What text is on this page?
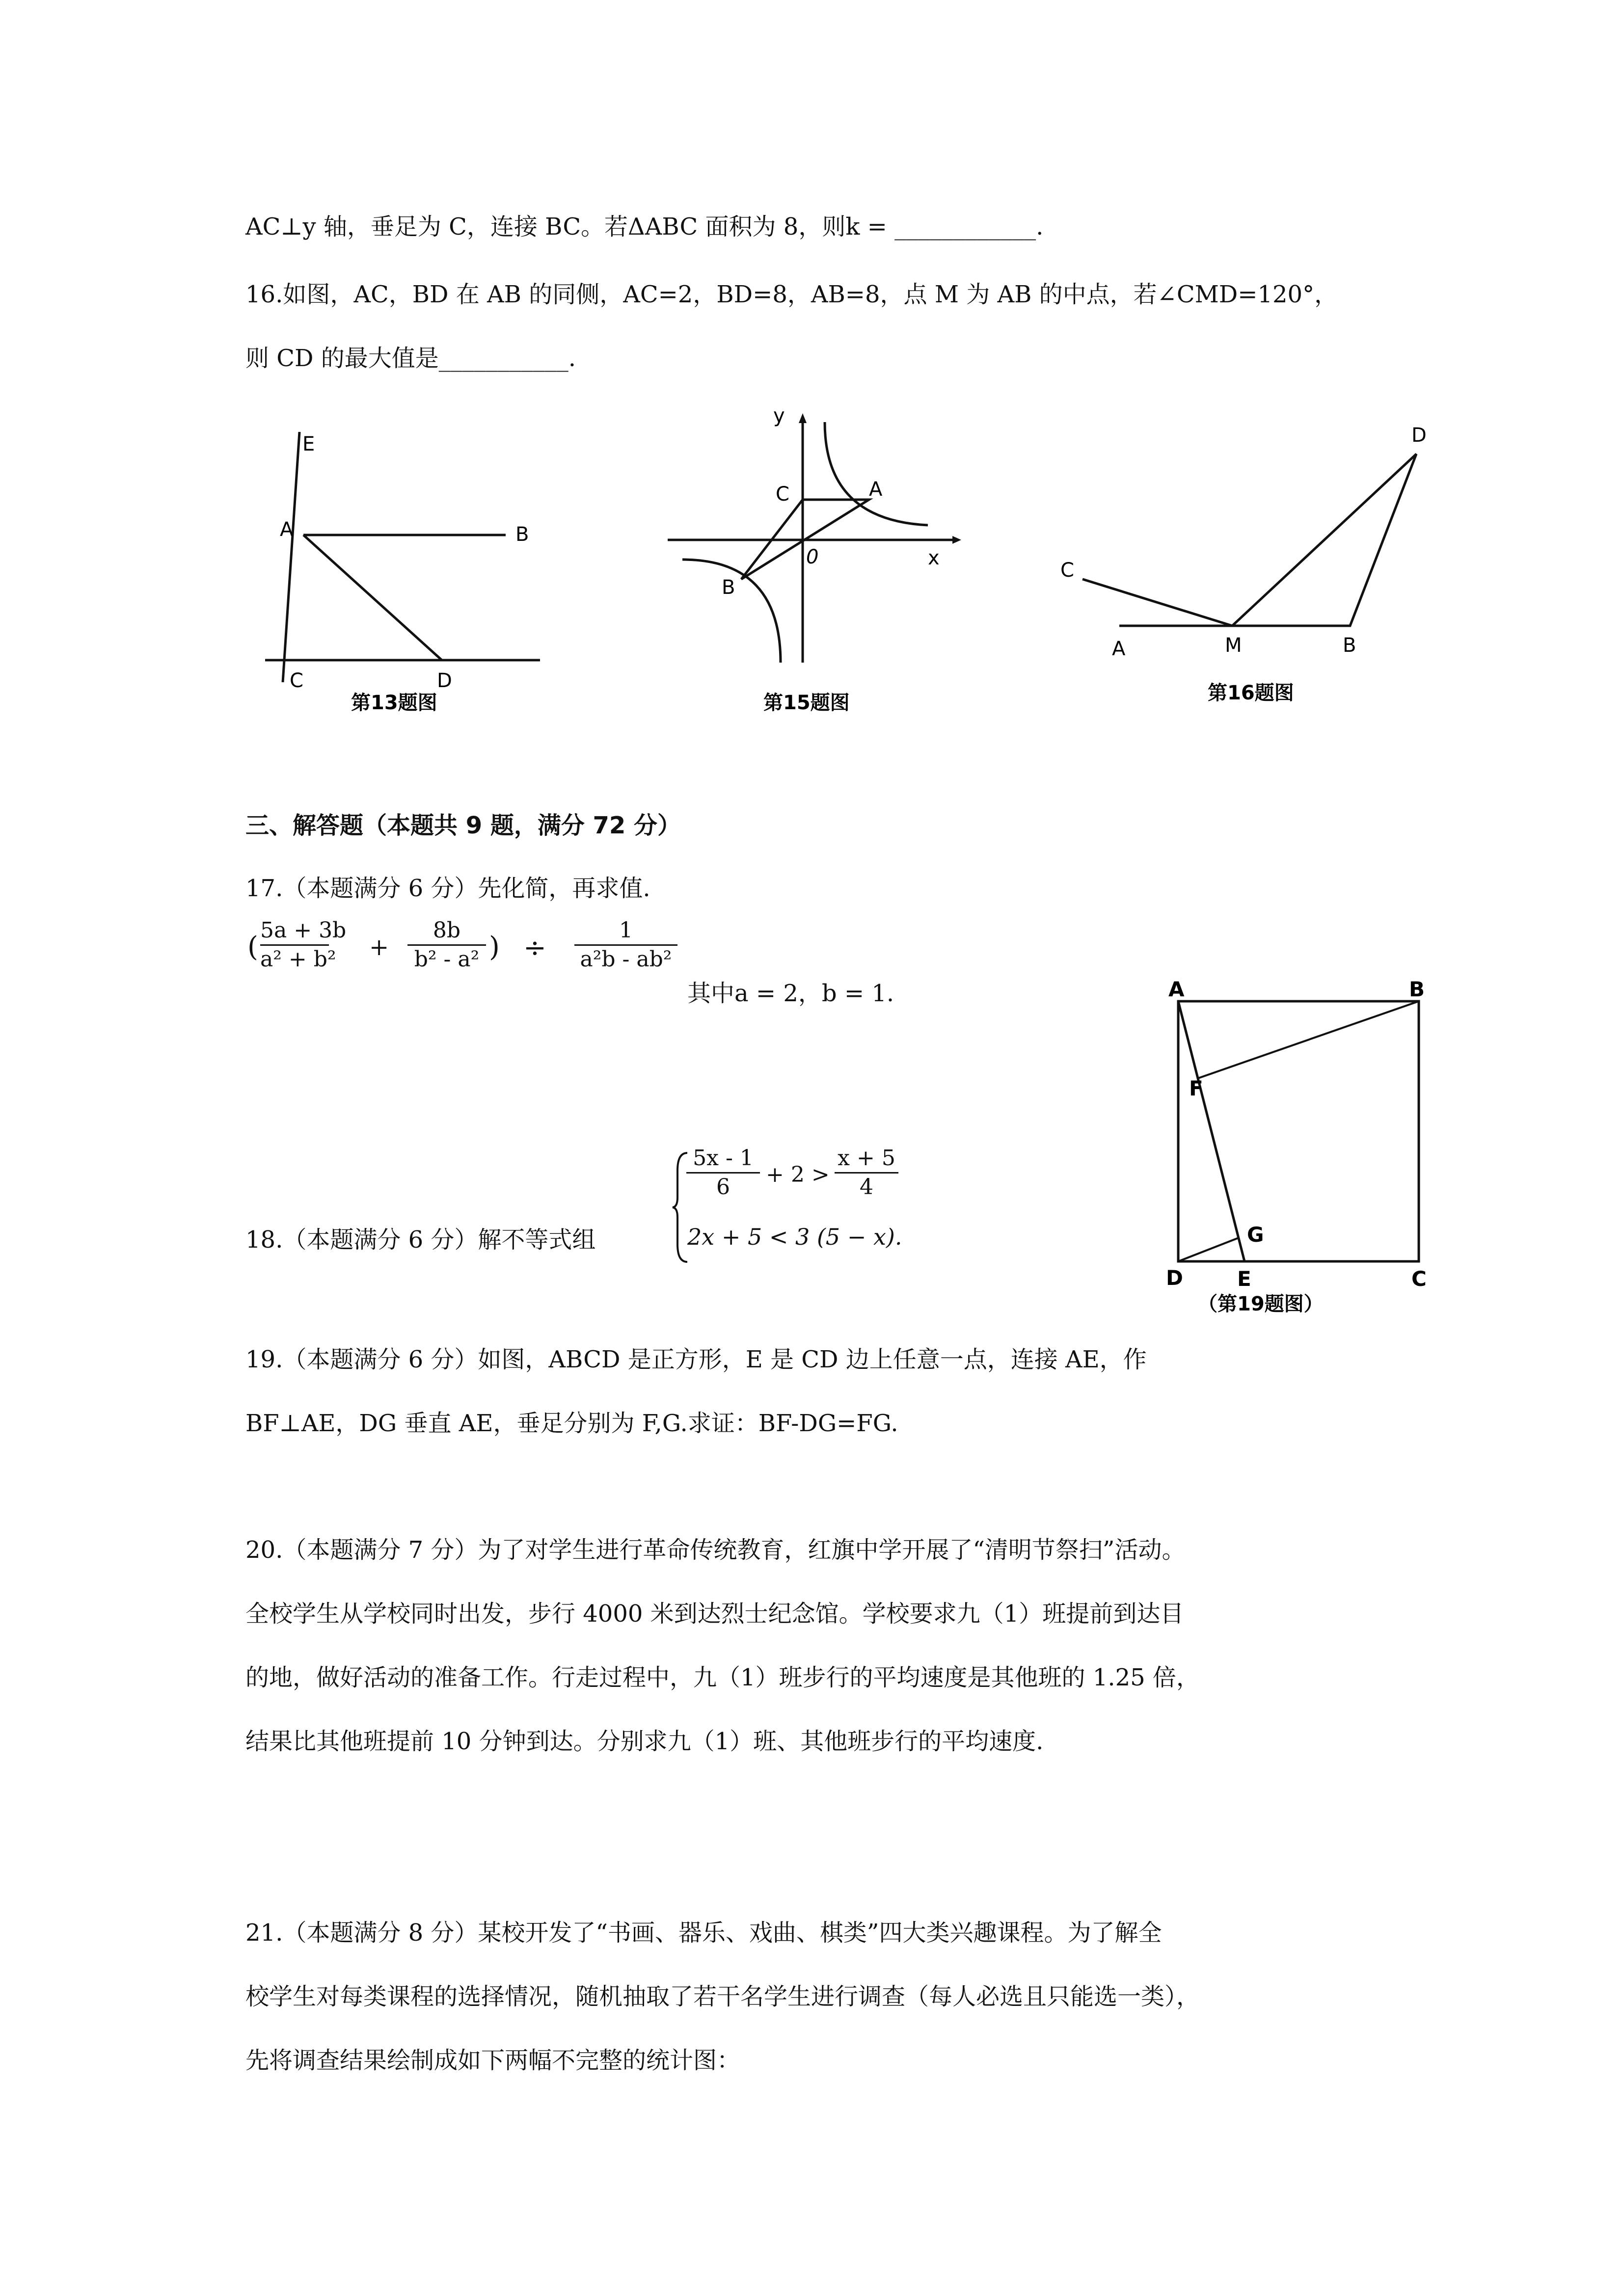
AC⊥y 轴，垂足为 C，连接 BC。若ΔABC 面积为 8，则k = ____________.
16.如图，AC，BD 在 AB 的同侧，AC=2，BD=8，AB=8，点 M 为 AB 的中点，若∠CMD=120°，
则 CD 的最大值是___________.
E
A	B
C	D
第13题图
y
x
0
A
B
C
第15题图
C
A	M	B
D
第16题图
三、解答题（本题共 9 题，满分 72 分）
17.（本题满分 6 分）先化简，再求值.
(
5a + 3b
a² + b² +
8b
b² - a² ) ÷
1
a²b - ab²
其中a = 2，b = 1.
18.（本题满分 6 分）解不等式组
5x - 1
6	+ 2 >
x + 5
4
2x + 5 < 3 (5 − x).
A	B
F
G
D	E	C
（第19题图）
19.（本题满分 6 分）如图，ABCD 是正方形，E 是 CD 边上任意一点，连接 AE，作
BF⊥AE，DG 垂直 AE，垂足分别为 F,G.求证：BF-DG=FG.
20.（本题满分 7 分）为了对学生进行革命传统教育，红旗中学开展了“清明节祭扫”活动。
全校学生从学校同时出发，步行 4000 米到达烈士纪念馆。学校要求九（1）班提前到达目
的地，做好活动的准备工作。行走过程中，九（1）班步行的平均速度是其他班的 1.25 倍，
结果比其他班提前 10 分钟到达。分别求九（1）班、其他班步行的平均速度.
21.（本题满分 8 分）某校开发了“书画、器乐、戏曲、棋类”四大类兴趣课程。为了解全
校学生对每类课程的选择情况，随机抽取了若干名学生进行调查（每人必选且只能选一类），
先将调查结果绘制成如下两幅不完整的统计图：
